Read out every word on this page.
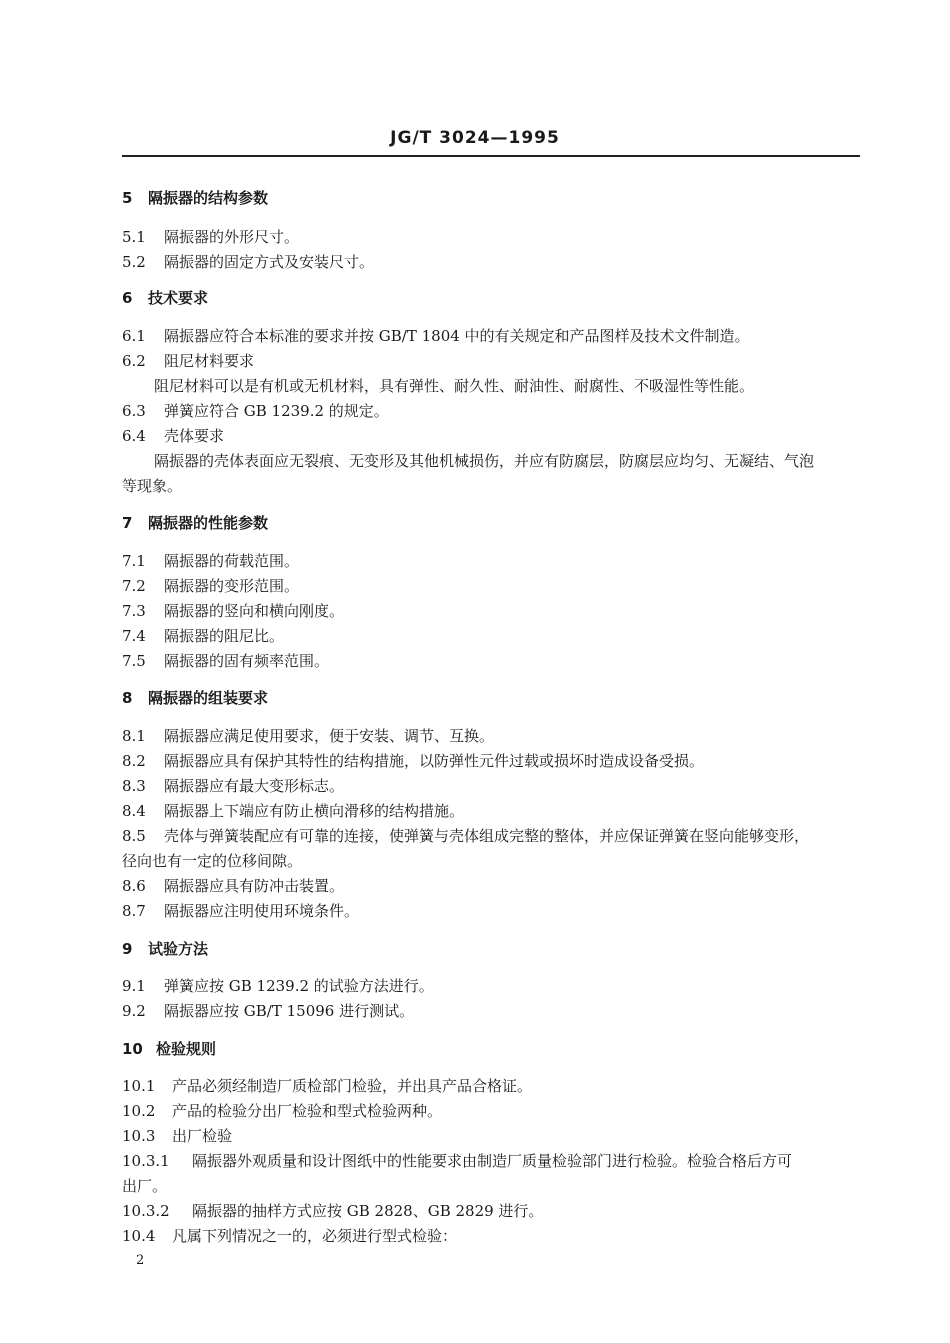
JG/T 3024—1995
5 隔振器的结构参数
5.1 隔振器的外形尺寸。
5.2 隔振器的固定方式及安装尺寸。
6 技术要求
6.1 隔振器应符合本标准的要求并按 GB/T 1804 中的有关规定和产品图样及技术文件制造。
6.2 阻尼材料要求
阻尼材料可以是有机或无机材料，具有弹性、耐久性、耐油性、耐腐性、不吸湿性等性能。
6.3 弹簧应符合 GB 1239.2 的规定。
6.4 壳体要求
隔振器的壳体表面应无裂痕、无变形及其他机械损伤，并应有防腐层，防腐层应均匀、无凝结、气泡
等现象。
7 隔振器的性能参数
7.1 隔振器的荷载范围。
7.2 隔振器的变形范围。
7.3 隔振器的竖向和横向刚度。
7.4 隔振器的阻尼比。
7.5 隔振器的固有频率范围。
8 隔振器的组装要求
8.1 隔振器应满足使用要求，便于安装、调节、互换。
8.2 隔振器应具有保护其特性的结构措施，以防弹性元件过载或损坏时造成设备受损。
8.3 隔振器应有最大变形标志。
8.4 隔振器上下端应有防止横向滑移的结构措施。
8.5 壳体与弹簧装配应有可靠的连接，使弹簧与壳体组成完整的整体，并应保证弹簧在竖向能够变形，
径向也有一定的位移间隙。
8.6 隔振器应具有防冲击装置。
8.7 隔振器应注明使用环境条件。
9 试验方法
9.1 弹簧应按 GB 1239.2 的试验方法进行。
9.2 隔振器应按 GB/T 15096 进行测试。
10 检验规则
10.1 产品必须经制造厂质检部门检验，并出具产品合格证。
10.2 产品的检验分出厂检验和型式检验两种。
10.3 出厂检验
10.3.1 隔振器外观质量和设计图纸中的性能要求由制造厂质量检验部门进行检验。检验合格后方可
出厂。
10.3.2 隔振器的抽样方式应按 GB 2828、GB 2829 进行。
10.4 凡属下列情况之一的，必须进行型式检验：
2
